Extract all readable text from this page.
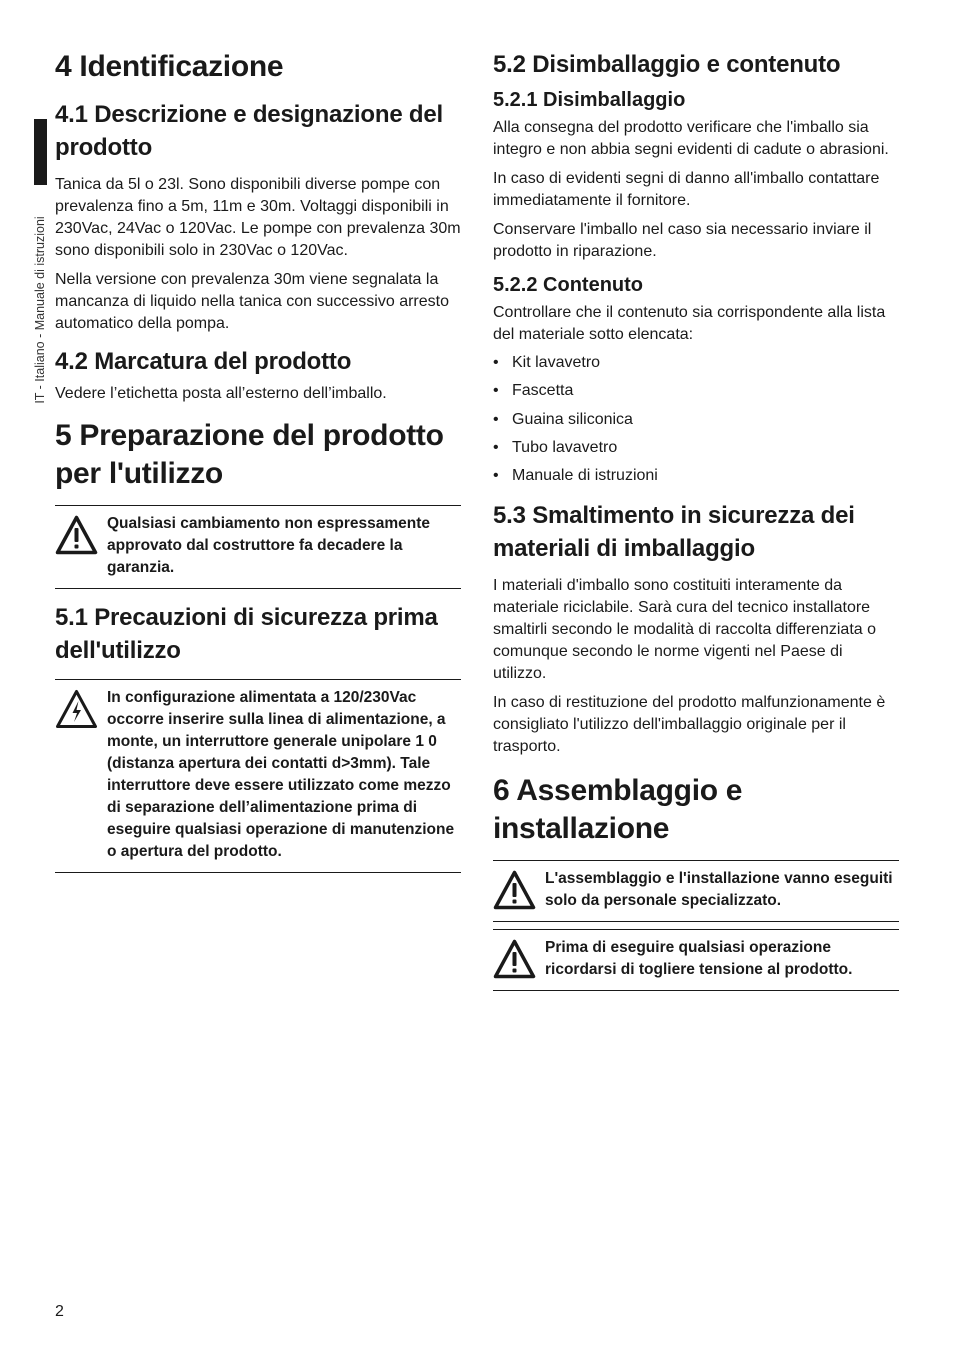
IT - Italiano - Manuale di istruzioni
4 Identificazione
4.1 Descrizione e designazione del prodotto

Tanica da 5l o 23l. Sono disponibili diverse pompe con prevalenza fino a 5m, 11m e 30m. Voltaggi disponibili in 230Vac, 24Vac o 120Vac. Le pompe con prevalenza 30m sono disponibili solo in 230Vac o 120Vac.

Nella versione con prevalenza 30m viene segnalata la mancanza di liquido nella tanica con successivo arresto automatico della pompa.

4.2 Marcatura del prodotto

Vedere l’etichetta posta all’esterno dell’imballo.

5 Preparazione del prodotto per l'utilizzo
Qualsiasi cambiamento non espressamente approvato dal costruttore fa decadere la garanzia.
5.1 Precauzioni di sicurezza prima dell'utilizzo
In configurazione alimentata a 120/230Vac occorre inserire sulla linea di alimentazione, a monte, un interruttore generale unipolare 1 0 (distanza apertura dei contatti d>3mm). Tale interruttore deve essere utilizzato come mezzo di separazione dell’alimentazione prima di eseguire qualsiasi operazione di manutenzione o apertura del prodotto.
5.2 Disimballaggio e contenuto
5.2.1 Disimballaggio

Alla consegna del prodotto verificare che l'imballo sia integro e non abbia segni evidenti di cadute o abrasioni.

In caso di evidenti segni di danno all'imballo contattare immediatamente il fornitore.

Conservare l'imballo nel caso sia necessario inviare il prodotto in riparazione.

5.2.2 Contenuto

Controllare che il contenuto sia corrispondente alla lista del materiale sotto elencata:

• Kit lavavetro
• Fascetta
• Guaina siliconica
• Tubo lavavetro
• Manuale di istruzioni
5.3 Smaltimento in sicurezza dei materiali di imballaggio

I materiali d'imballo sono costituiti interamente da materiale riciclabile. Sarà cura del tecnico installatore smaltirli secondo le modalità di raccolta differenziata o comunque secondo le norme vigenti nel Paese di utilizzo.

In caso di restituzione del prodotto malfunzionamente è consigliato l'utilizzo dell'imballaggio originale per il trasporto.

6 Assemblaggio e installazione
L'assemblaggio e l'installazione vanno eseguiti solo da personale specializzato.
Prima di eseguire qualsiasi operazione ricordarsi di togliere tensione al prodotto.
2
